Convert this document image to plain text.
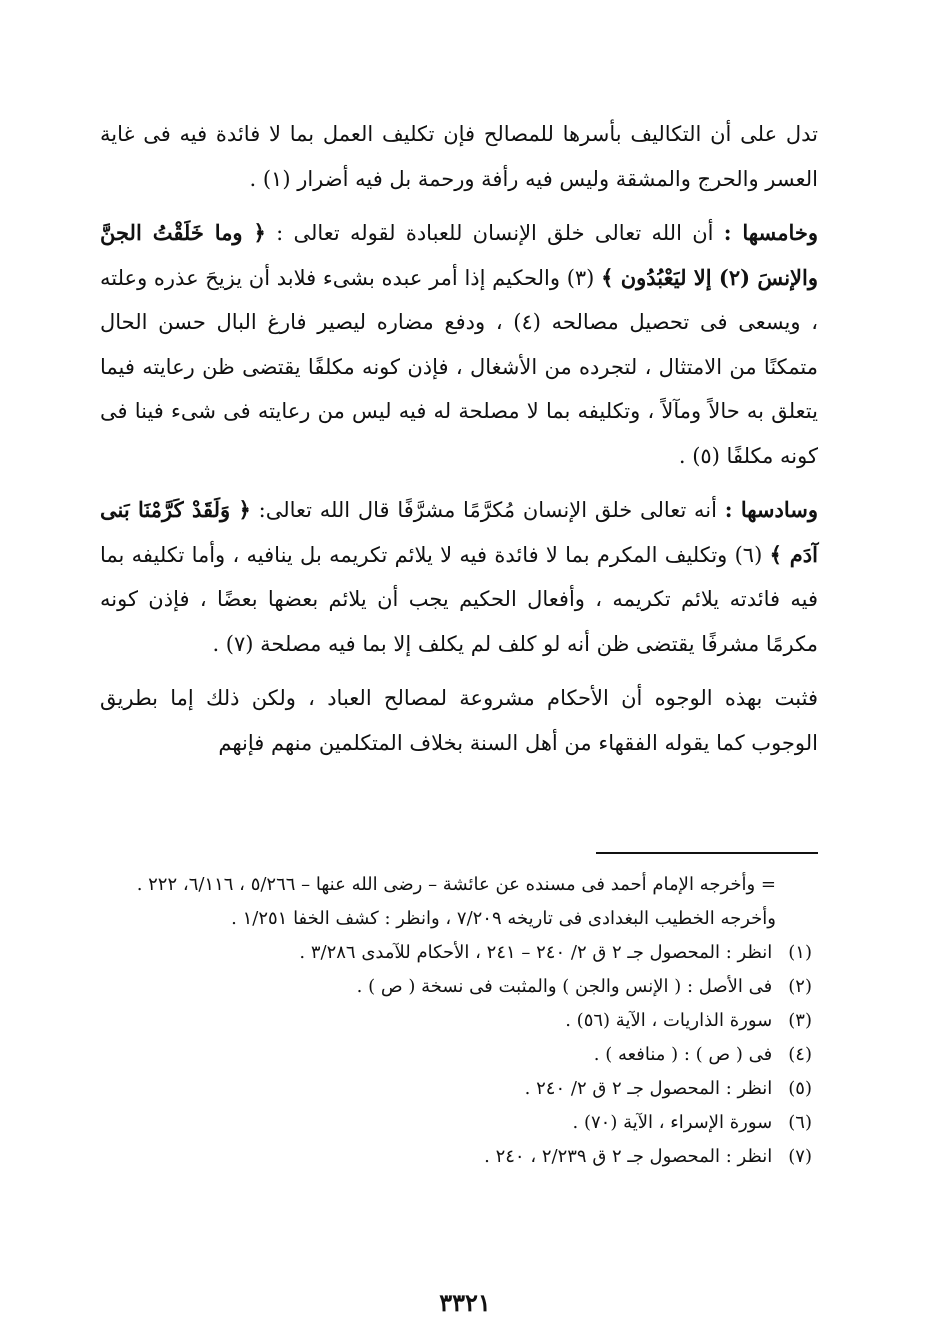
تدل على أن التكاليف بأسرها للمصالح فإن تكليف العمل بما لا فائدة فيه فى غاية العسر والحرج والمشقة وليس فيه رأفة ورحمة بل فيه أضرار (١) .

وخامسها : أن الله تعالى خلق الإنسان للعبادة لقوله تعالى : ﴿ وما خَلَقْتُ الجنَّ والإنسَ (٢) إلا ليَعْبُدُون ﴾ (٣) والحكيم إذا أمر عبده بشىء فلابد أن يزيحَ عذره وعلته ، ويسعى فى تحصيل مصالحه (٤) ، ودفع مضاره ليصير فارغ البال حسن الحال متمكنًا من الامتثال ، لتجرده من الأشغال ، فإذن كونه مكلفًا يقتضى ظن رعايته فيما يتعلق به حالاً ومآلاً ، وتكليفه بما لا مصلحة له فيه ليس من رعايته فى شىء فينا فى كونه مكلفًا (٥) .

وسادسها : أنه تعالى خلق الإنسان مُكرَّمًا مشرَّفًا قال الله تعالى: ﴿ وَلَقَدْ كَرَّمْنَا بَنى آدَم ﴾ (٦) وتكليف المكرم بما لا فائدة فيه لا يلائم تكريمه بل ينافيه ، وأما تكليفه بما فيه فائدته يلائم تكريمه ، وأفعال الحكيم يجب أن يلائم بعضها بعضًا ، فإذن كونه مكرمًا مشرفًا يقتضى ظن أنه لو كلف لم يكلف إلا بما فيه مصلحة (٧) .

فثبت بهذه الوجوه أن الأحكام مشروعة لمصالح العباد ، ولكن ذلك إما بطريق الوجوب كما يقوله الفقهاء من أهل السنة بخلاف المتكلمين منهم فإنهم

= وأخرجه الإمام أحمد فى مسنده عن عائشة – رضى الله عنها – ٥/٢٦٦ ، ٦/١١٦، ٢٢٢ .

وأخرجه الخطيب البغدادى فى تاريخه ٧/٢٠٩ ، وانظر : كشف الخفا ١/٢٥١ .

(١) انظر : المحصول جـ ٢ ق ٢/ ٢٤٠ – ٢٤١ ، الأحكام للآمدى ٣/٢٨٦ .

(٢) فى الأصل : ( الإنس والجن ) والمثبت فى نسخة ( ص ) .

(٣) سورة الذاريات ، الآية (٥٦) .

(٤) فى ( ص ) : ( منافعه ) .

(٥) انظر : المحصول جـ ٢ ق ٢/ ٢٤٠ .

(٦) سورة الإسراء ، الآية (٧٠) .

(٧) انظر : المحصول جـ ٢ ق ٢/٢٣٩ ، ٢٤٠ .

٣٣٢١
